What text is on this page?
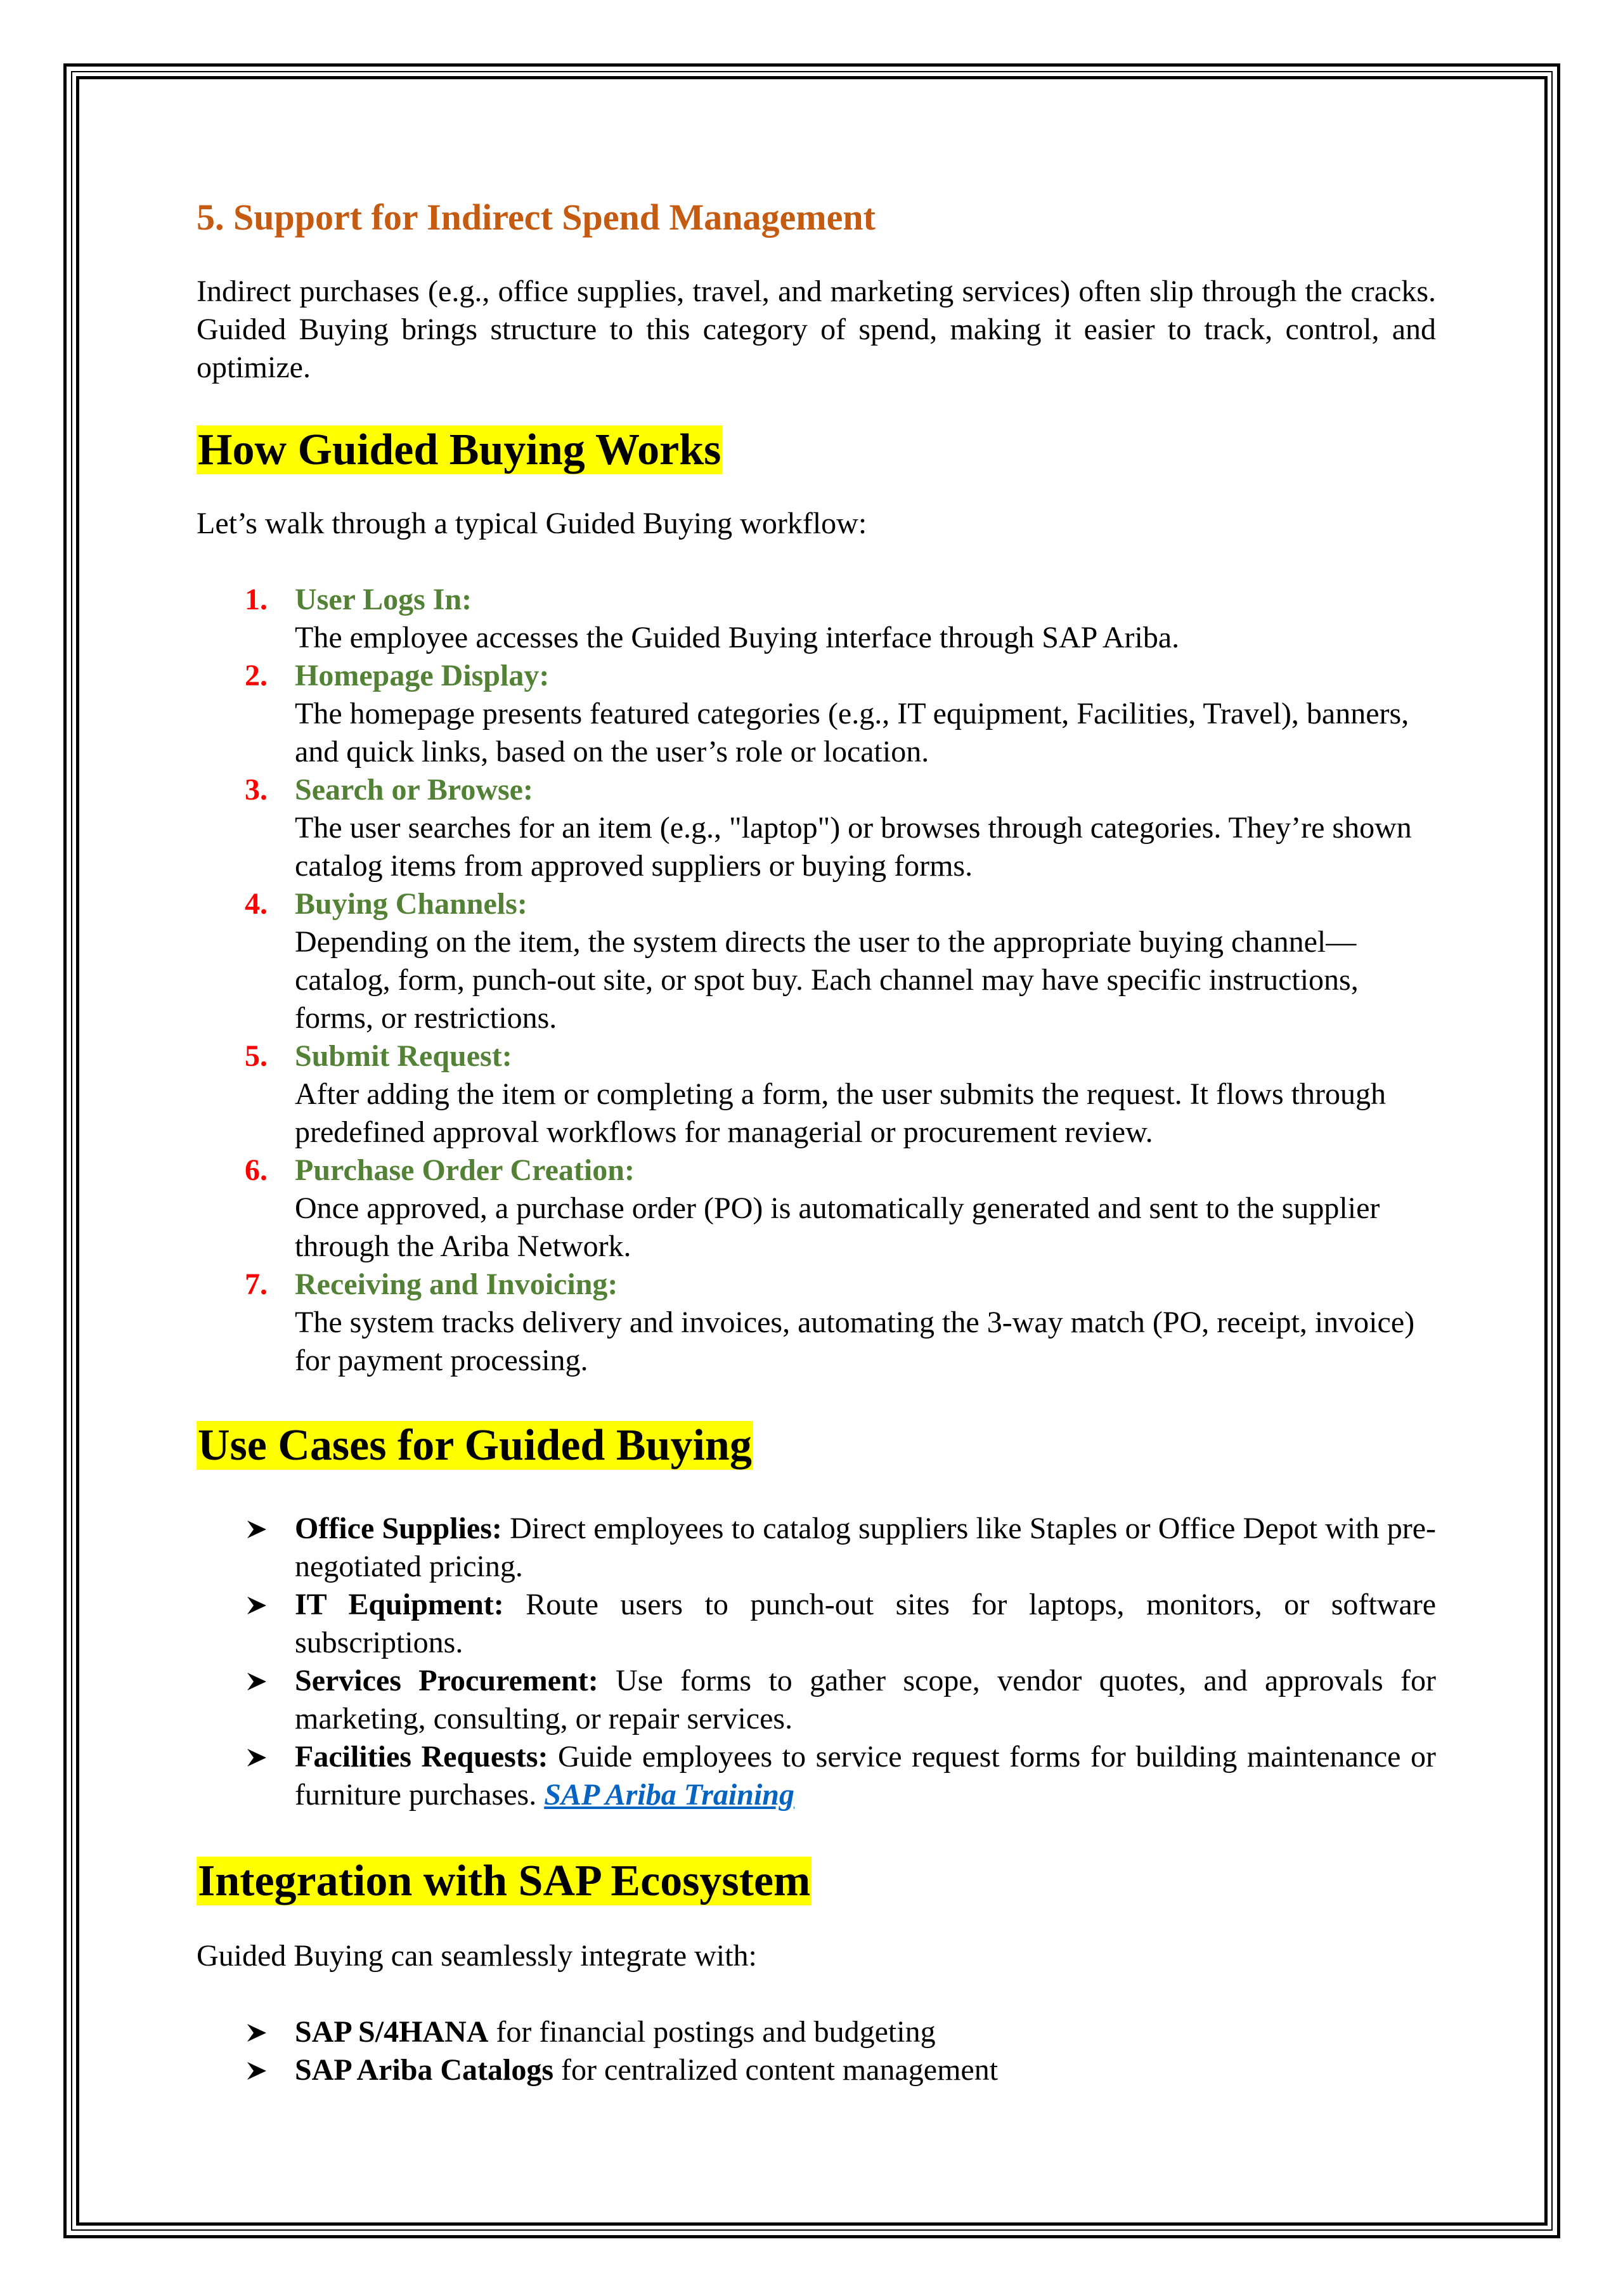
5. Support for Indirect Spend Management

Indirect purchases (e.g., office supplies, travel, and marketing services) often slip through the cracks. Guided Buying brings structure to this category of spend, making it easier to track, control, and optimize.

How Guided Buying Works

Let’s walk through a typical Guided Buying workflow:

1. User Logs In:
The employee accesses the Guided Buying interface through SAP Ariba.
2. Homepage Display:
The homepage presents featured categories (e.g., IT equipment, Facilities, Travel), banners, and quick links, based on the user’s role or location.
3. Search or Browse:
The user searches for an item (e.g., "laptop") or browses through categories. They’re shown catalog items from approved suppliers or buying forms.
4. Buying Channels:
Depending on the item, the system directs the user to the appropriate buying channel—catalog, form, punch-out site, or spot buy. Each channel may have specific instructions, forms, or restrictions.
5. Submit Request:
After adding the item or completing a form, the user submits the request. It flows through predefined approval workflows for managerial or procurement review.
6. Purchase Order Creation:
Once approved, a purchase order (PO) is automatically generated and sent to the supplier through the Ariba Network.
7. Receiving and Invoicing:
The system tracks delivery and invoices, automating the 3-way match (PO, receipt, invoice) for payment processing.
Use Cases for Guided Buying
Office Supplies: Direct employees to catalog suppliers like Staples or Office Depot with pre-negotiated pricing.
IT Equipment: Route users to punch-out sites for laptops, monitors, or software subscriptions.
Services Procurement: Use forms to gather scope, vendor quotes, and approvals for marketing, consulting, or repair services.
Facilities Requests: Guide employees to service request forms for building maintenance or furniture purchases. SAP Ariba Training
Integration with SAP Ecosystem

Guided Buying can seamlessly integrate with:

SAP S/4HANA for financial postings and budgeting
SAP Ariba Catalogs for centralized content management
